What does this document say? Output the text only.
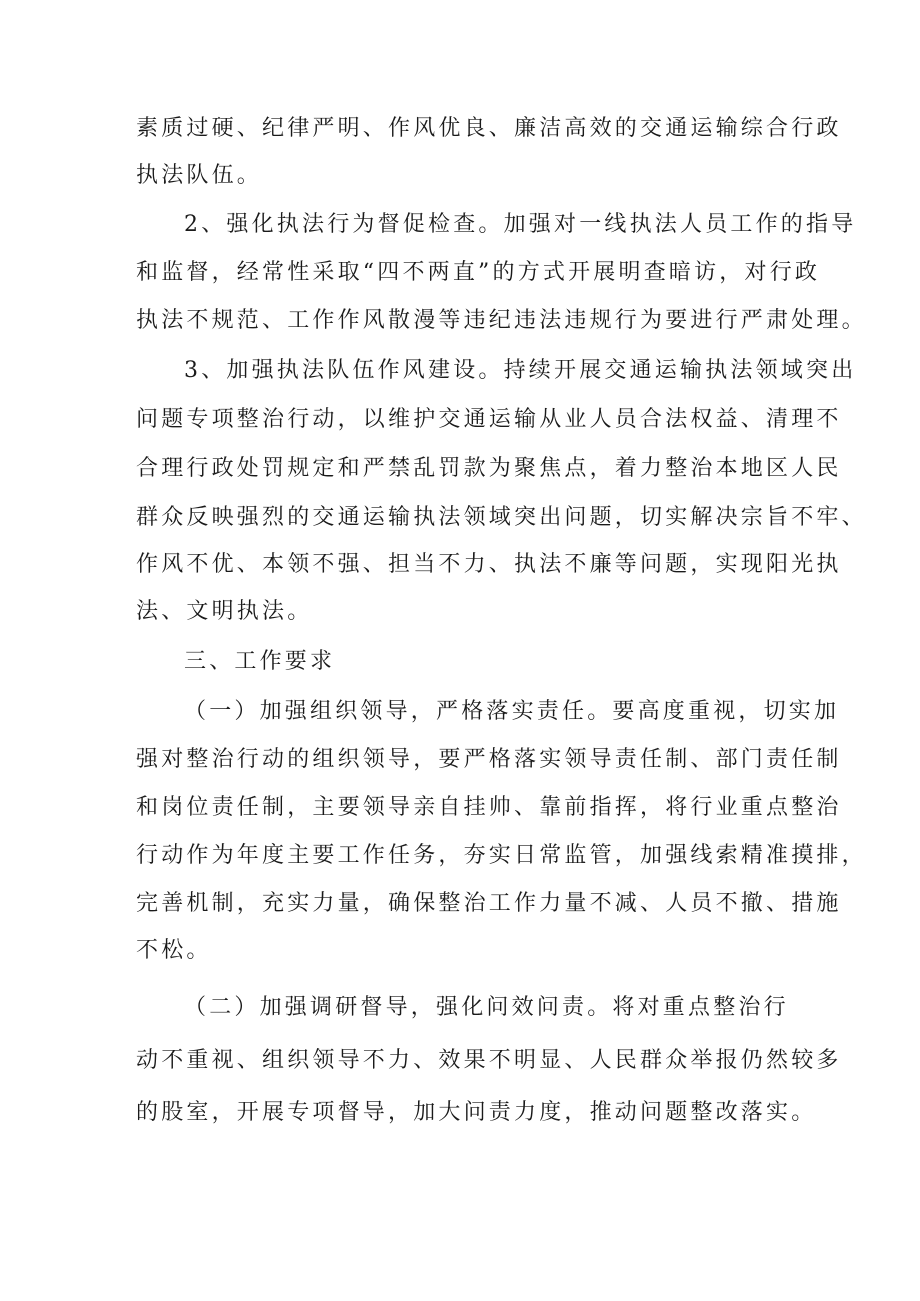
素质过硬、纪律严明、作风优良、廉洁高效的交通运输综合行政
执法队伍。
2、强化执法行为督促检查。加强对一线执法人员工作的指导
和监督，经常性采取“四不两直”的方式开展明查暗访，对行政
执法不规范、工作作风散漫等违纪违法违规行为要进行严肃处理。
3、加强执法队伍作风建设。持续开展交通运输执法领域突出
问题专项整治行动，以维护交通运输从业人员合法权益、清理不
合理行政处罚规定和严禁乱罚款为聚焦点，着力整治本地区人民
群众反映强烈的交通运输执法领域突出问题，切实解决宗旨不牢、
作风不优、本领不强、担当不力、执法不廉等问题，实现阳光执
法、文明执法。
三、工作要求
（一）加强组织领导，严格落实责任。要高度重视，切实加
强对整治行动的组织领导，要严格落实领导责任制、部门责任制
和岗位责任制，主要领导亲自挂帅、靠前指挥，将行业重点整治
行动作为年度主要工作任务，夯实日常监管，加强线索精准摸排，
完善机制，充实力量，确保整治工作力量不减、人员不撤、措施
不松。
（二）加强调研督导，强化问效问责。将对重点整治行
动不重视、组织领导不力、效果不明显、人民群众举报仍然较多
的股室，开展专项督导，加大问责力度，推动问题整改落实。
